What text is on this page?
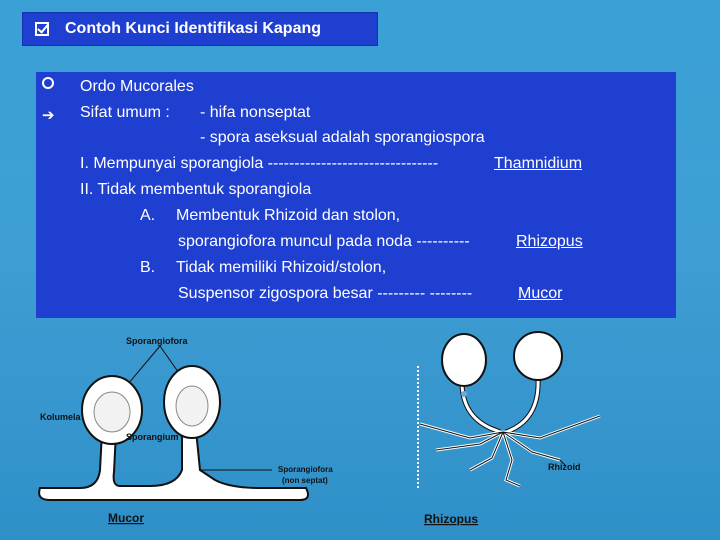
Contoh Kunci Identifikasi Kapang
Ordo Mucorales
➔ Sifat umum : - hifa nonseptat
- spora aseksual adalah sporangiospora
I. Mempunyai sporangiola --------------------------------	Thamnidium
II. Tidak membentuk sporangiola
A. Membentuk Rhizoid dan stolon,
sporangiofora muncul pada noda ----------	Rhizopus
B. Tidak memiliki Rhizoid/stolon,
Suspensor zigospora besar --------- --------	Mucor
Sporangiofora
Kolumela
Sporangium
Sporangiofora
(non septat)
Mucor
Rhizoid
Rhizopus
